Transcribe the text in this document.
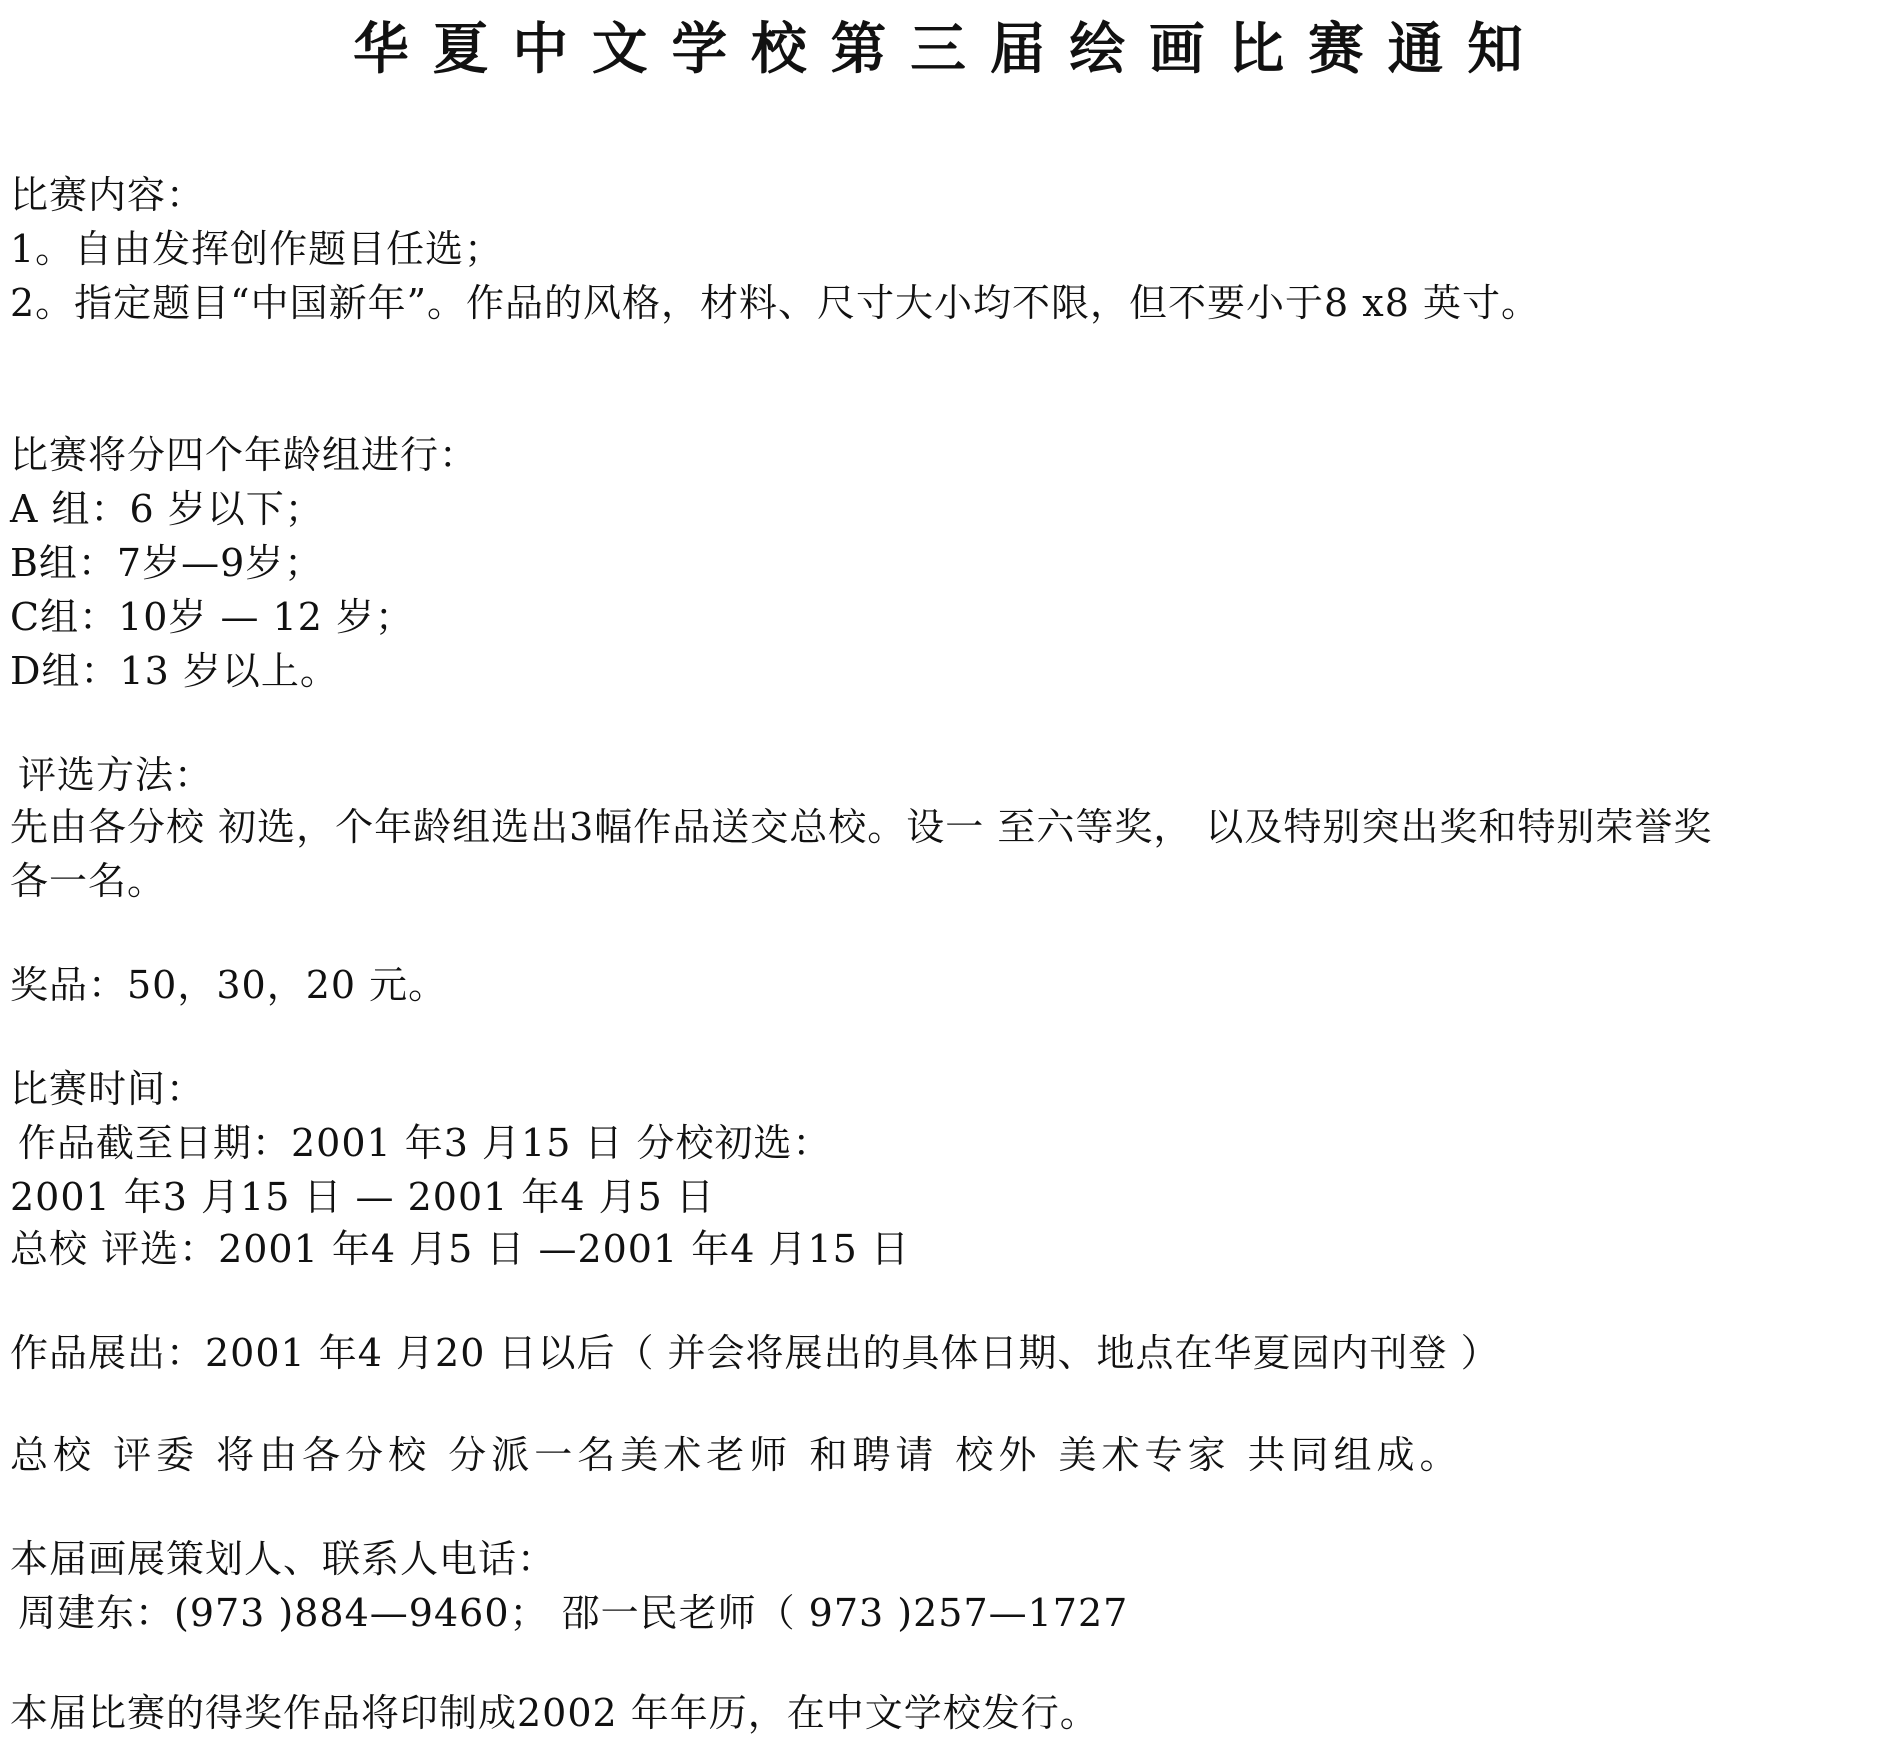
华夏中文学校第三届绘画比赛通知
比赛内容：
1。自由发挥创作题目任选；
2。指定题目“中国新年”。作品的风格，材料、尺寸大小均不限，但不要小于8 x8 英寸。
比赛将分四个年龄组进行：
A 组：6 岁以下；
B组：7岁—9岁；
C组：10岁 — 12 岁；
D组：13 岁以上。
评选方法：
先由各分校 初选，个年龄组选出3幅作品送交总校。设一 至六等奖， 以及特别突出奖和特别荣誉奖
各一名。
奖品：50，30，20 元。
比赛时间：
作品截至日期：2001 年3 月15 日 分校初选：
2001 年3 月15 日 — 2001 年4 月5 日
总校 评选：2001 年4 月5 日 —2001 年4 月15 日
作品展出：2001 年4 月20 日以后（ 并会将展出的具体日期、地点在华夏园内刊登 ）
总校 评委 将由各分校 分派一名美术老师 和聘请 校外 美术专家 共同组成。
本届画展策划人、联系人电话：
周建东：(973 )884—9460； 邵一民老师（ 973 )257—1727
本届比赛的得奖作品将印制成2002 年年历，在中文学校发行。
